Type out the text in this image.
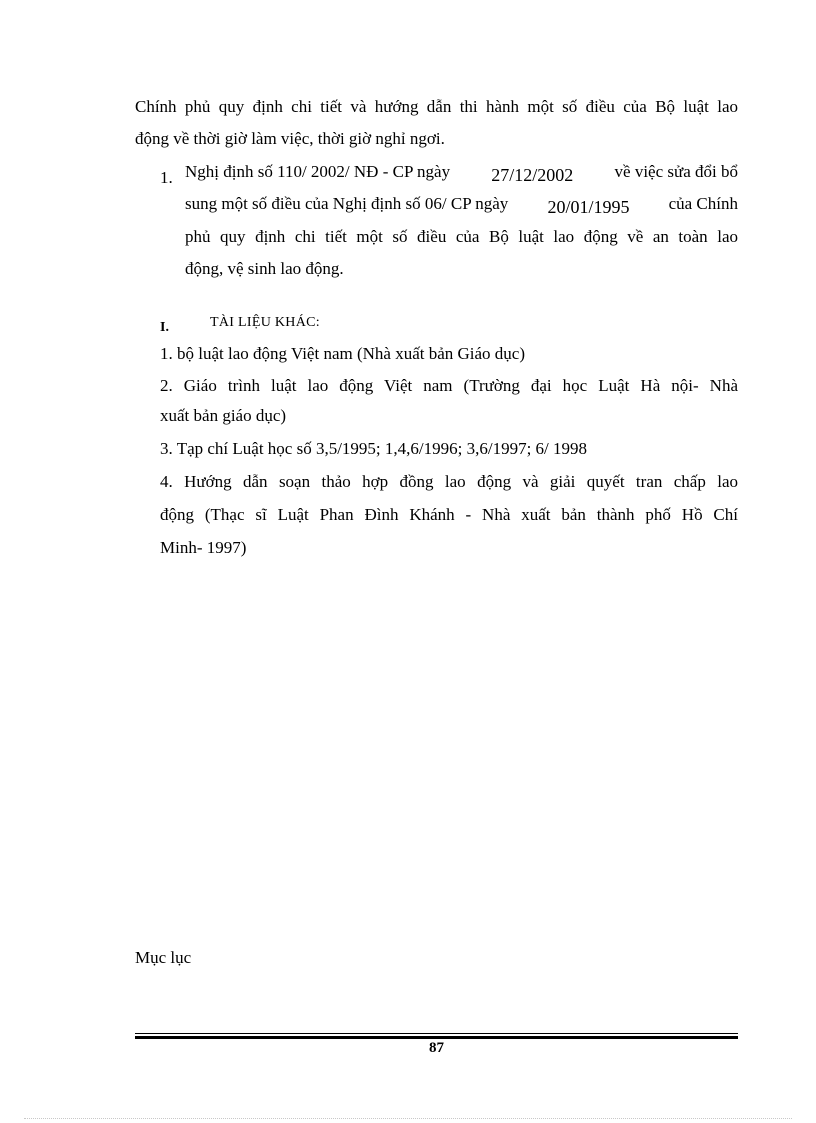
Chính phủ quy định chi tiết và hướng dẫn thi hành một số điều của Bộ luật lao
động về thời giờ làm việc, thời giờ nghỉ ngơi.
1. Nghị định số 110/ 2002/ NĐ - CP ngày 27/12/2002 về việc sửa đổi bổ
sung một số điều của Nghị định số 06/ CP ngày 20/01/1995 của Chính
phủ quy định chi tiết một số điều của Bộ luật lao động về an toàn lao
động, vệ sinh lao động.
I.	TÀI LIỆU KHÁC:
1. bộ luật lao động Việt nam (Nhà xuất bản Giáo dục)
2. Giáo trình luật lao động Việt nam (Trường đại học Luật Hà nội- Nhà
xuất bản giáo dục)
3. Tạp chí Luật học số 3,5/1995; 1,4,6/1996; 3,6/1997; 6/ 1998
4. Hướng dẫn soạn thảo hợp đồng lao động và giải quyết tran chấp lao
động (Thạc sĩ Luật Phan Đình Khánh - Nhà xuất bản thành phố Hồ Chí
Minh- 1997)
Mục lục
87
